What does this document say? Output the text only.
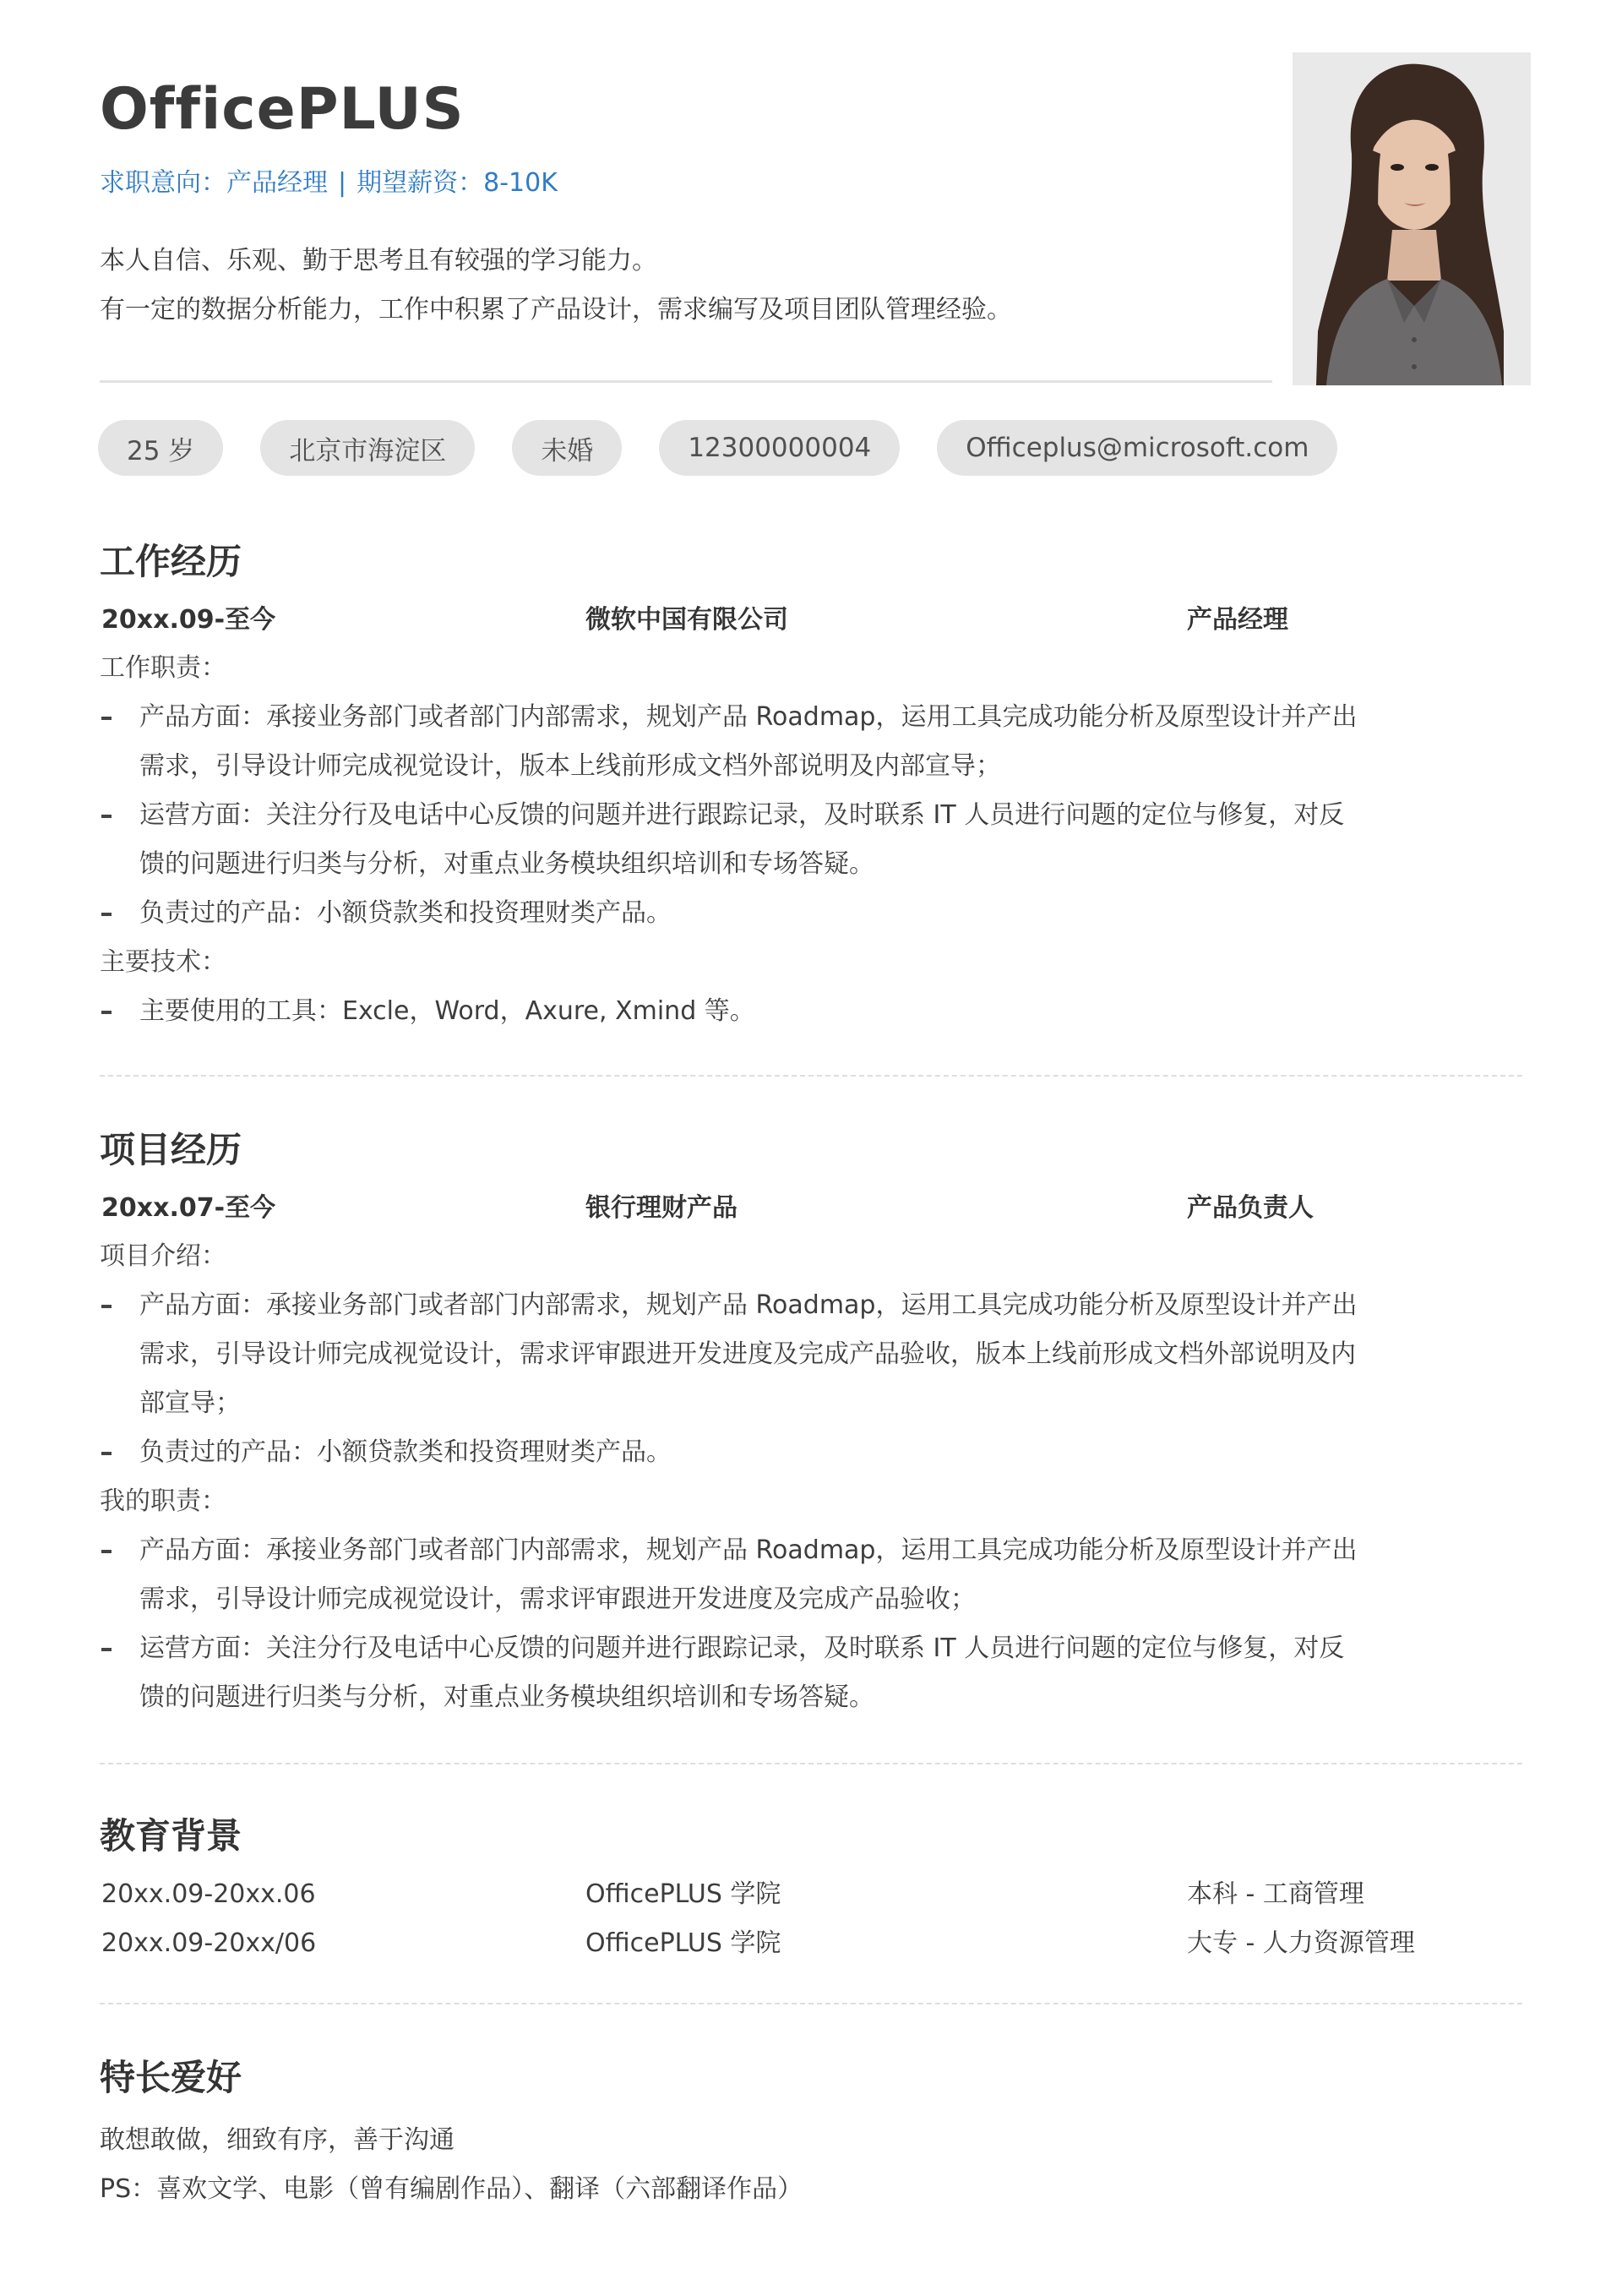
OfficePLUS
求职意向：产品经理 | 期望薪资：8-10K
本人自信、乐观、勤于思考且有较强的学习能力。
有一定的数据分析能力，工作中积累了产品设计，需求编写及项目团队管理经验。
25 岁	北京市海淀区	未婚	12300000004	Officeplus@microsoft.com
工作经历
20xx.09-至今	微软中国有限公司	产品经理
工作职责：
产品方面：承接业务部门或者部门内部需求，规划产品 Roadmap，运用工具完成功能分析及原型设计并产出
需求，引导设计师完成视觉设计，版本上线前形成文档外部说明及内部宣导；
运营方面：关注分行及电话中心反馈的问题并进行跟踪记录，及时联系 IT 人员进行问题的定位与修复，对反
馈的问题进行归类与分析，对重点业务模块组织培训和专场答疑。
负责过的产品：小额贷款类和投资理财类产品。
主要技术：
主要使用的工具：Excle，Word，Axure, Xmind 等。
项目经历
20xx.07-至今	银行理财产品	产品负责人
项目介绍：
产品方面：承接业务部门或者部门内部需求，规划产品 Roadmap，运用工具完成功能分析及原型设计并产出
需求，引导设计师完成视觉设计，需求评审跟进开发进度及完成产品验收，版本上线前形成文档外部说明及内
部宣导；
负责过的产品：小额贷款类和投资理财类产品。
我的职责：
产品方面：承接业务部门或者部门内部需求，规划产品 Roadmap，运用工具完成功能分析及原型设计并产出
需求，引导设计师完成视觉设计，需求评审跟进开发进度及完成产品验收；
运营方面：关注分行及电话中心反馈的问题并进行跟踪记录，及时联系 IT 人员进行问题的定位与修复，对反
馈的问题进行归类与分析，对重点业务模块组织培训和专场答疑。
教育背景
20xx.09-20xx.06	OfficePLUS 学院	本科 - 工商管理
20xx.09-20xx/06	OfficePLUS 学院	大专 - 人力资源管理
特长爱好
敢想敢做，细致有序，善于沟通
PS：喜欢文学、电影（曾有编剧作品）、翻译（六部翻译作品）
